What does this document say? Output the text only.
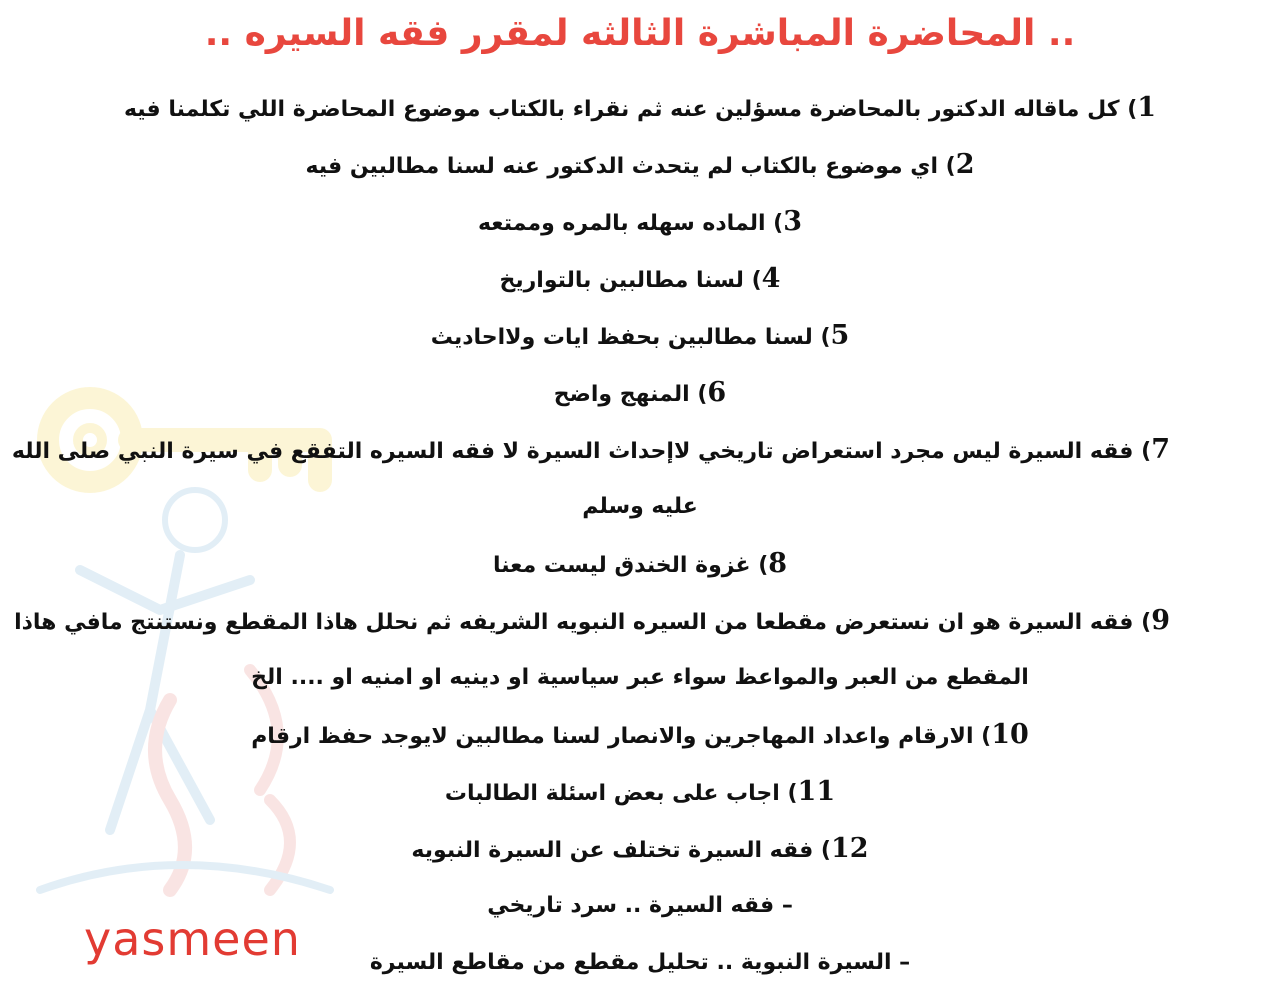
.. المحاضرة المباشرة الثالثه لمقرر فقه السيره ..
1) كل ماقاله الدكتور بالمحاضرة مسؤلين عنه ثم نقراء بالكتاب موضوع المحاضرة اللي تكلمنا فيه
2) اي موضوع بالكتاب لم يتحدث الدكتور عنه لسنا مطالبين فيه
3) الماده سهله بالمره وممتعه
4) لسنا مطالبين بالتواريخ
5) لسنا مطالبين بحفظ ايات ولااحاديث
6) المنهج واضح
7) فقه السيرة ليس مجرد استعراض تاريخي لاإحداث السيرة لا فقه السيره التفقع في سيرة النبي صلى الله
عليه وسلم
8) غزوة الخندق ليست معنا
9) فقه السيرة هو ان نستعرض مقطعا من السيره النبويه الشريفه ثم نحلل هاذا المقطع ونستنتج مافي هاذا
المقطع من العبر والمواعظ سواء عبر سياسية او دينيه او امنيه او .... الخ
10) الارقام واعداد المهاجرين والانصار لسنا مطالبين لايوجد حفظ ارقام
11) اجاب على بعض اسئلة الطالبات
12) فقه السيرة تختلف عن السيرة النبويه
– فقه السيرة .. سرد تاريخي
– السيرة النبوية .. تحليل مقطع من مقاطع السيرة
yasmeen
